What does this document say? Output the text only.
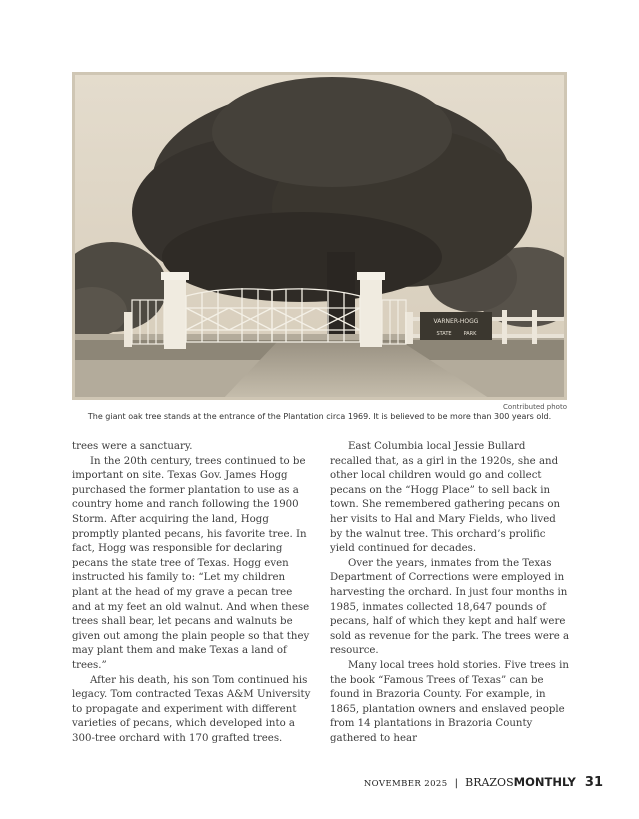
VARNER-HOGG
STATE PARK
Contributed photo
The giant oak tree stands at the entrance of the Plantation circa 1969. It is believed to be more than 300 years old.

trees were a sanctuary.

In the 20th century, trees continued to be important on site. Texas Gov. James Hogg purchased the former plantation to use as a country home and ranch following the 1900 Storm. After acquiring the land, Hogg promptly planted pecans, his favorite tree. In fact, Hogg was responsible for declaring pecans the state tree of Texas. Hogg even instructed his family to: “Let my children plant at the head of my grave a pecan tree and at my feet an old walnut. And when these trees shall bear, let pecans and walnuts be given out among the plain people so that they may plant them and make Texas a land of trees.”

After his death, his son Tom continued his legacy. Tom contracted Texas A&M University to propagate and experiment with different varieties of pecans, which developed into a 300-tree orchard with 170 grafted trees.

East Columbia local Jessie Bullard recalled that, as a girl in the 1920s, she and other local children would go and collect pecans on the “Hogg Place” to sell back in town. She remembered gathering pecans on her visits to Hal and Mary Fields, who lived by the walnut tree. This orchard’s prolific yield continued for decades.

Over the years, inmates from the Texas Department of Corrections were employed in harvesting the orchard. In just four months in 1985, inmates collected 18,647 pounds of pecans, half of which they kept and half were sold as revenue for the park. The trees were a resource.

Many local trees hold stories. Five trees in the book “Famous Trees of Texas” can be found in Brazoria County. For example, in 1865, plantation owners and enslaved people from 14 plantations in Brazoria County gathered to hear

NOVEMBER 2025 | BRAZOSMONTHLY 31
